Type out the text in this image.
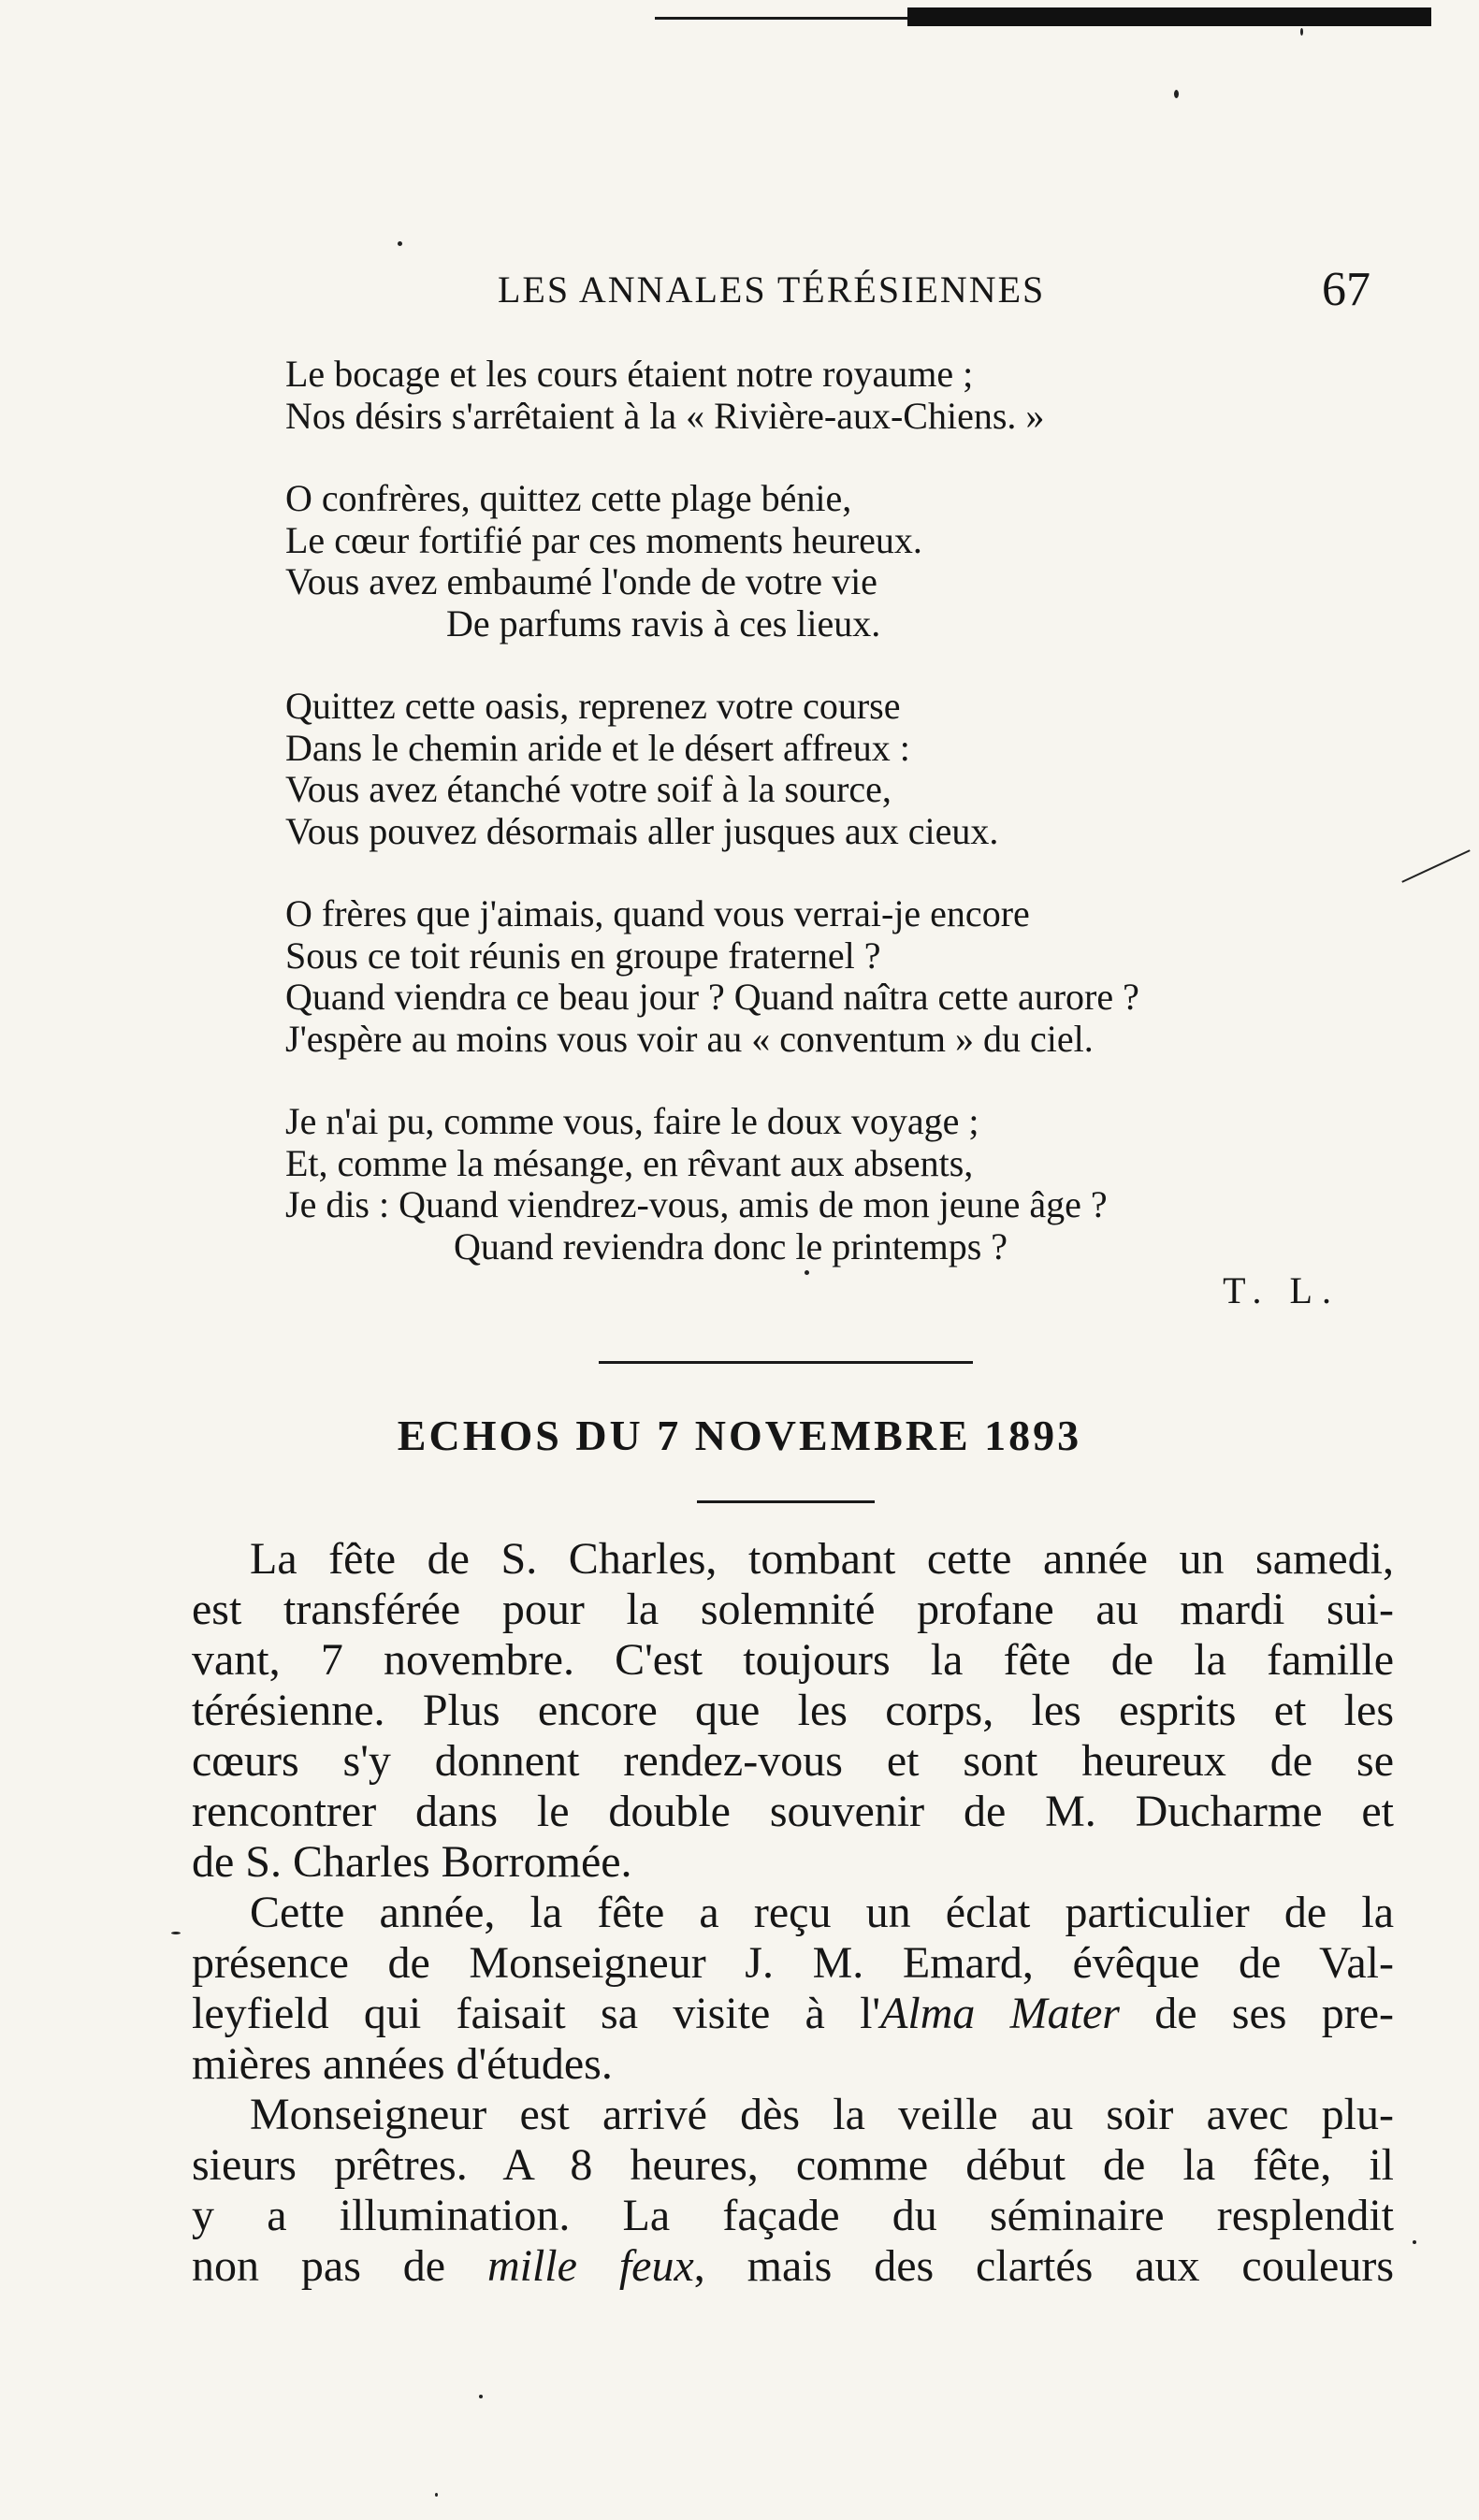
LES ANNALES TÉRÉSIENNES	67
Le bocage et les cours étaient notre royaume ;
Nos désirs s'arrêtaient à la « Rivière-aux-Chiens. »
O confrères, quittez cette plage bénie,
Le cœur fortifié par ces moments heureux.
Vous avez embaumé l'onde de votre vie
De parfums ravis à ces lieux.
Quittez cette oasis, reprenez votre course
Dans le chemin aride et le désert affreux :
Vous avez étanché votre soif à la source,
Vous pouvez désormais aller jusques aux cieux.
O frères que j'aimais, quand vous verrai-je encore
Sous ce toit réunis en groupe fraternel ?
Quand viendra ce beau jour ? Quand naîtra cette aurore ?
J'espère au moins vous voir au « conventum » du ciel.
Je n'ai pu, comme vous, faire le doux voyage ;
Et, comme la mésange, en rêvant aux absents,
Je dis : Quand viendrez-vous, amis de mon jeune âge ?
Quand reviendra donc le printemps ?
T. L.
ECHOS DU 7 NOVEMBRE 1893
La fête de S. Charles, tombant cette année un samedi,
est transférée pour la solemnité profane au mardi sui-
vant, 7 novembre. C'est toujours la fête de la famille
térésienne. Plus encore que les corps, les esprits et les
cœurs s'y donnent rendez-vous et sont heureux de se
rencontrer dans le double souvenir de M. Ducharme et
de S. Charles Borromée.
Cette année, la fête a reçu un éclat particulier de la
présence de Monseigneur J. M. Emard, évêque de Val-
leyfield qui faisait sa visite à l'Alma Mater de ses pre-
mières années d'études.
Monseigneur est arrivé dès la veille au soir avec plu-
sieurs prêtres. A 8 heures, comme début de la fête, il
y a illumination. La façade du séminaire resplendit
non pas de mille feux, mais des clartés aux couleurs
